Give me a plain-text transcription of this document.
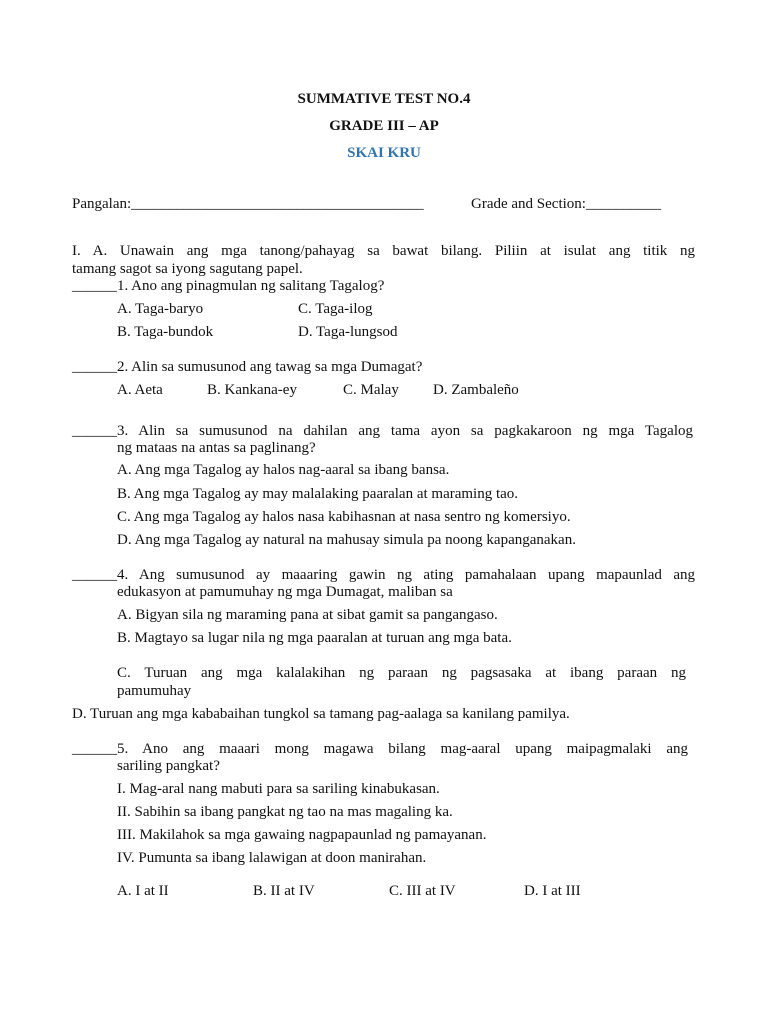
SUMMATIVE TEST NO.4
GRADE III – AP
SKAI KRU
Pangalan:_______________________________________	Grade and Section:__________
I. A. Unawain ang mga tanong/pahayag sa bawat bilang. Piliin at isulat ang titik ng
tamang sagot sa iyong sagutang papel.
______1. Ano ang pinagmulan ng salitang Tagalog?
A. Taga-baryo	C. Taga-ilog
B. Taga-bundok	D. Taga-lungsod
______2. Alin sa sumusunod ang tawag sa mga Dumagat?
A. Aeta	B. Kankana-ey	C. Malay D. Zambaleño
______3. Alin sa sumusunod na dahilan ang tama ayon sa pagkakaroon ng mga Tagalog
ng mataas na antas sa paglinang?
A. Ang mga Tagalog ay halos nag-aaral sa ibang bansa.
B. Ang mga Tagalog ay may malalaking paaralan at maraming tao.
C. Ang mga Tagalog ay halos nasa kabihasnan at nasa sentro ng komersiyo.
D. Ang mga Tagalog ay natural na mahusay simula pa noong kapanganakan.
______4. Ang sumusunod ay maaaring gawin ng ating pamahalaan upang mapaunlad ang
edukasyon at pamumuhay ng mga Dumagat, maliban sa
A. Bigyan sila ng maraming pana at sibat gamit sa pangangaso.
B. Magtayo sa lugar nila ng mga paaralan at turuan ang mga bata.
C. Turuan ang mga kalalakihan ng paraan ng pagsasaka at ibang paraan ng
pamumuhay
D. Turuan ang mga kababaihan tungkol sa tamang pag-aalaga sa kanilang pamilya.
______5. Ano ang maaari mong magawa bilang mag-aaral upang maipagmalaki ang
sariling pangkat?
I. Mag-aral nang mabuti para sa sariling kinabukasan.
II. Sabihin sa ibang pangkat ng tao na mas magaling ka.
III. Makilahok sa mga gawaing nagpapaunlad ng pamayanan.
IV. Pumunta sa ibang lalawigan at doon manirahan.
A. I at II	B. II at IV	C. III at IV	D. I at III
